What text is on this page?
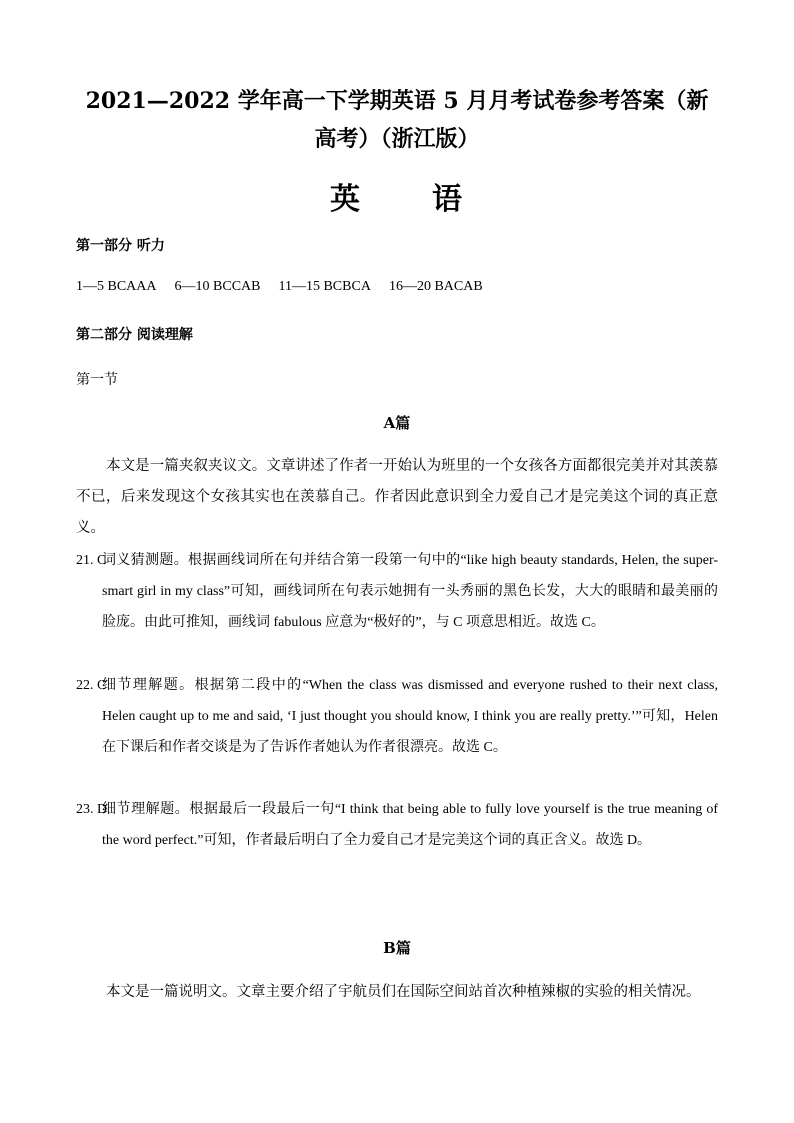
2021—2022 学年高一下学期英语 5 月月考试卷参考答案（新
高考）（浙江版）
英 语
第一部分 听力
1—5 BCAAA 6—10 BCCAB 11—15 BCBCA 16—20 BACAB
第二部分 阅读理解
第一节
A篇
本文是一篇夹叙夹议文。文章讲述了作者一开始认为班里的一个女孩各方面都很完美并对其羡慕不已，后来发现这个女孩其实也在羡慕自己。作者因此意识到全力爱自己才是完美这个词的真正意义。
21. C
词义猜测题。根据画线词所在句并结合第一段第一句中的“like high beauty standards, Helen, the super-smart girl in my class”可知，画线词所在句表示她拥有一头秀丽的黑色长发，大大的眼睛和最美丽的脸庞。由此可推知，画线词 fabulous 应意为“极好的”，与 C 项意思相近。故选 C。
22. C
细节理解题。根据第二段中的“When the class was dismissed and everyone rushed to their next class, Helen caught up to me and said, ‘I just thought you should know, I think you are really pretty.’”可知，Helen 在下课后和作者交谈是为了告诉作者她认为作者很漂亮。故选 C。
23. D
细节理解题。根据最后一段最后一句“I think that being able to fully love yourself is the true meaning of the word perfect.”可知，作者最后明白了全力爱自己才是完美这个词的真正含义。故选 D。
B篇
本文是一篇说明文。文章主要介绍了宇航员们在国际空间站首次种植辣椒的实验的相关情况。
